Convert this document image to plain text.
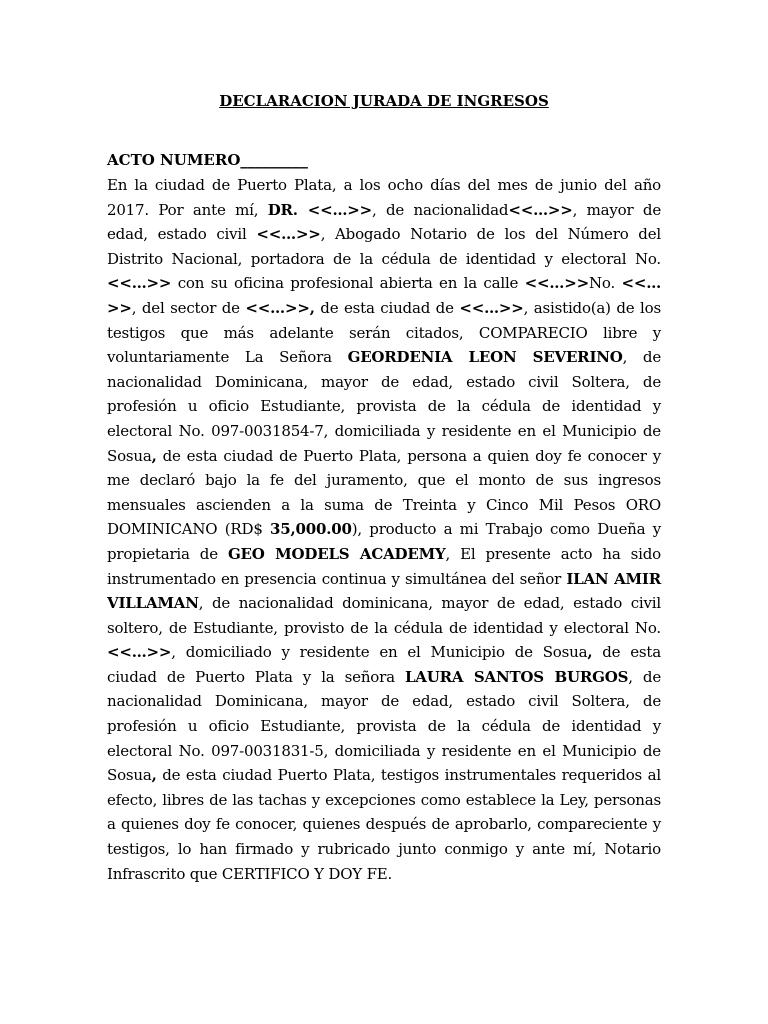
DECLARACION JURADA DE INGRESOS

ACTO NUMERO_________

En la ciudad de Puerto Plata, a los ocho días del mes de junio del año 2017. Por ante mí, DR. <<…>>, de nacionalidad<<…>>, mayor de edad, estado civil <<…>>, Abogado Notario de los del Número del Distrito Nacional, portadora de la cédula de identidad y electoral No. <<…>> con su oficina profesional abierta en la calle <<…>>No. <<…>>, del sector de <<…>>, de esta ciudad de <<…>>, asistido(a) de los testigos que más adelante serán citados, COMPARECIO libre y voluntariamente La Señora GEORDENIA LEON SEVERINO, de nacionalidad Dominicana, mayor de edad, estado civil Soltera, de profesión u oficio Estudiante, provista de la cédula de identidad y electoral No. 097-0031854-7, domiciliada y residente en el Municipio de Sosua, de esta ciudad de Puerto Plata, persona a quien doy fe conocer y me declaró bajo la fe del juramento, que el monto de sus ingresos mensuales ascienden a la suma de Treinta y Cinco Mil Pesos ORO DOMINICANO (RD$ 35,000.00), producto a mi Trabajo como Dueña y propietaria de GEO MODELS ACADEMY, El presente acto ha sido instrumentado en presencia continua y simultánea del señor ILAN AMIR VILLAMAN, de nacionalidad dominicana, mayor de edad, estado civil soltero, de Estudiante, provisto de la cédula de identidad y electoral No. <<…>>, domiciliado y residente en el Municipio de Sosua, de esta ciudad de Puerto Plata y la señora LAURA SANTOS BURGOS, de nacionalidad Dominicana, mayor de edad, estado civil Soltera, de profesión u oficio Estudiante, provista de la cédula de identidad y electoral No. 097-0031831-5, domiciliada y residente en el Municipio de Sosua, de esta ciudad Puerto Plata, testigos instrumentales requeridos al efecto, libres de las tachas y excepciones como establece la Ley, personas a quienes doy fe conocer, quienes después de aprobarlo, compareciente y testigos, lo han firmado y rubricado junto conmigo y ante mí, Notario Infrascrito que CERTIFICO Y DOY FE.
